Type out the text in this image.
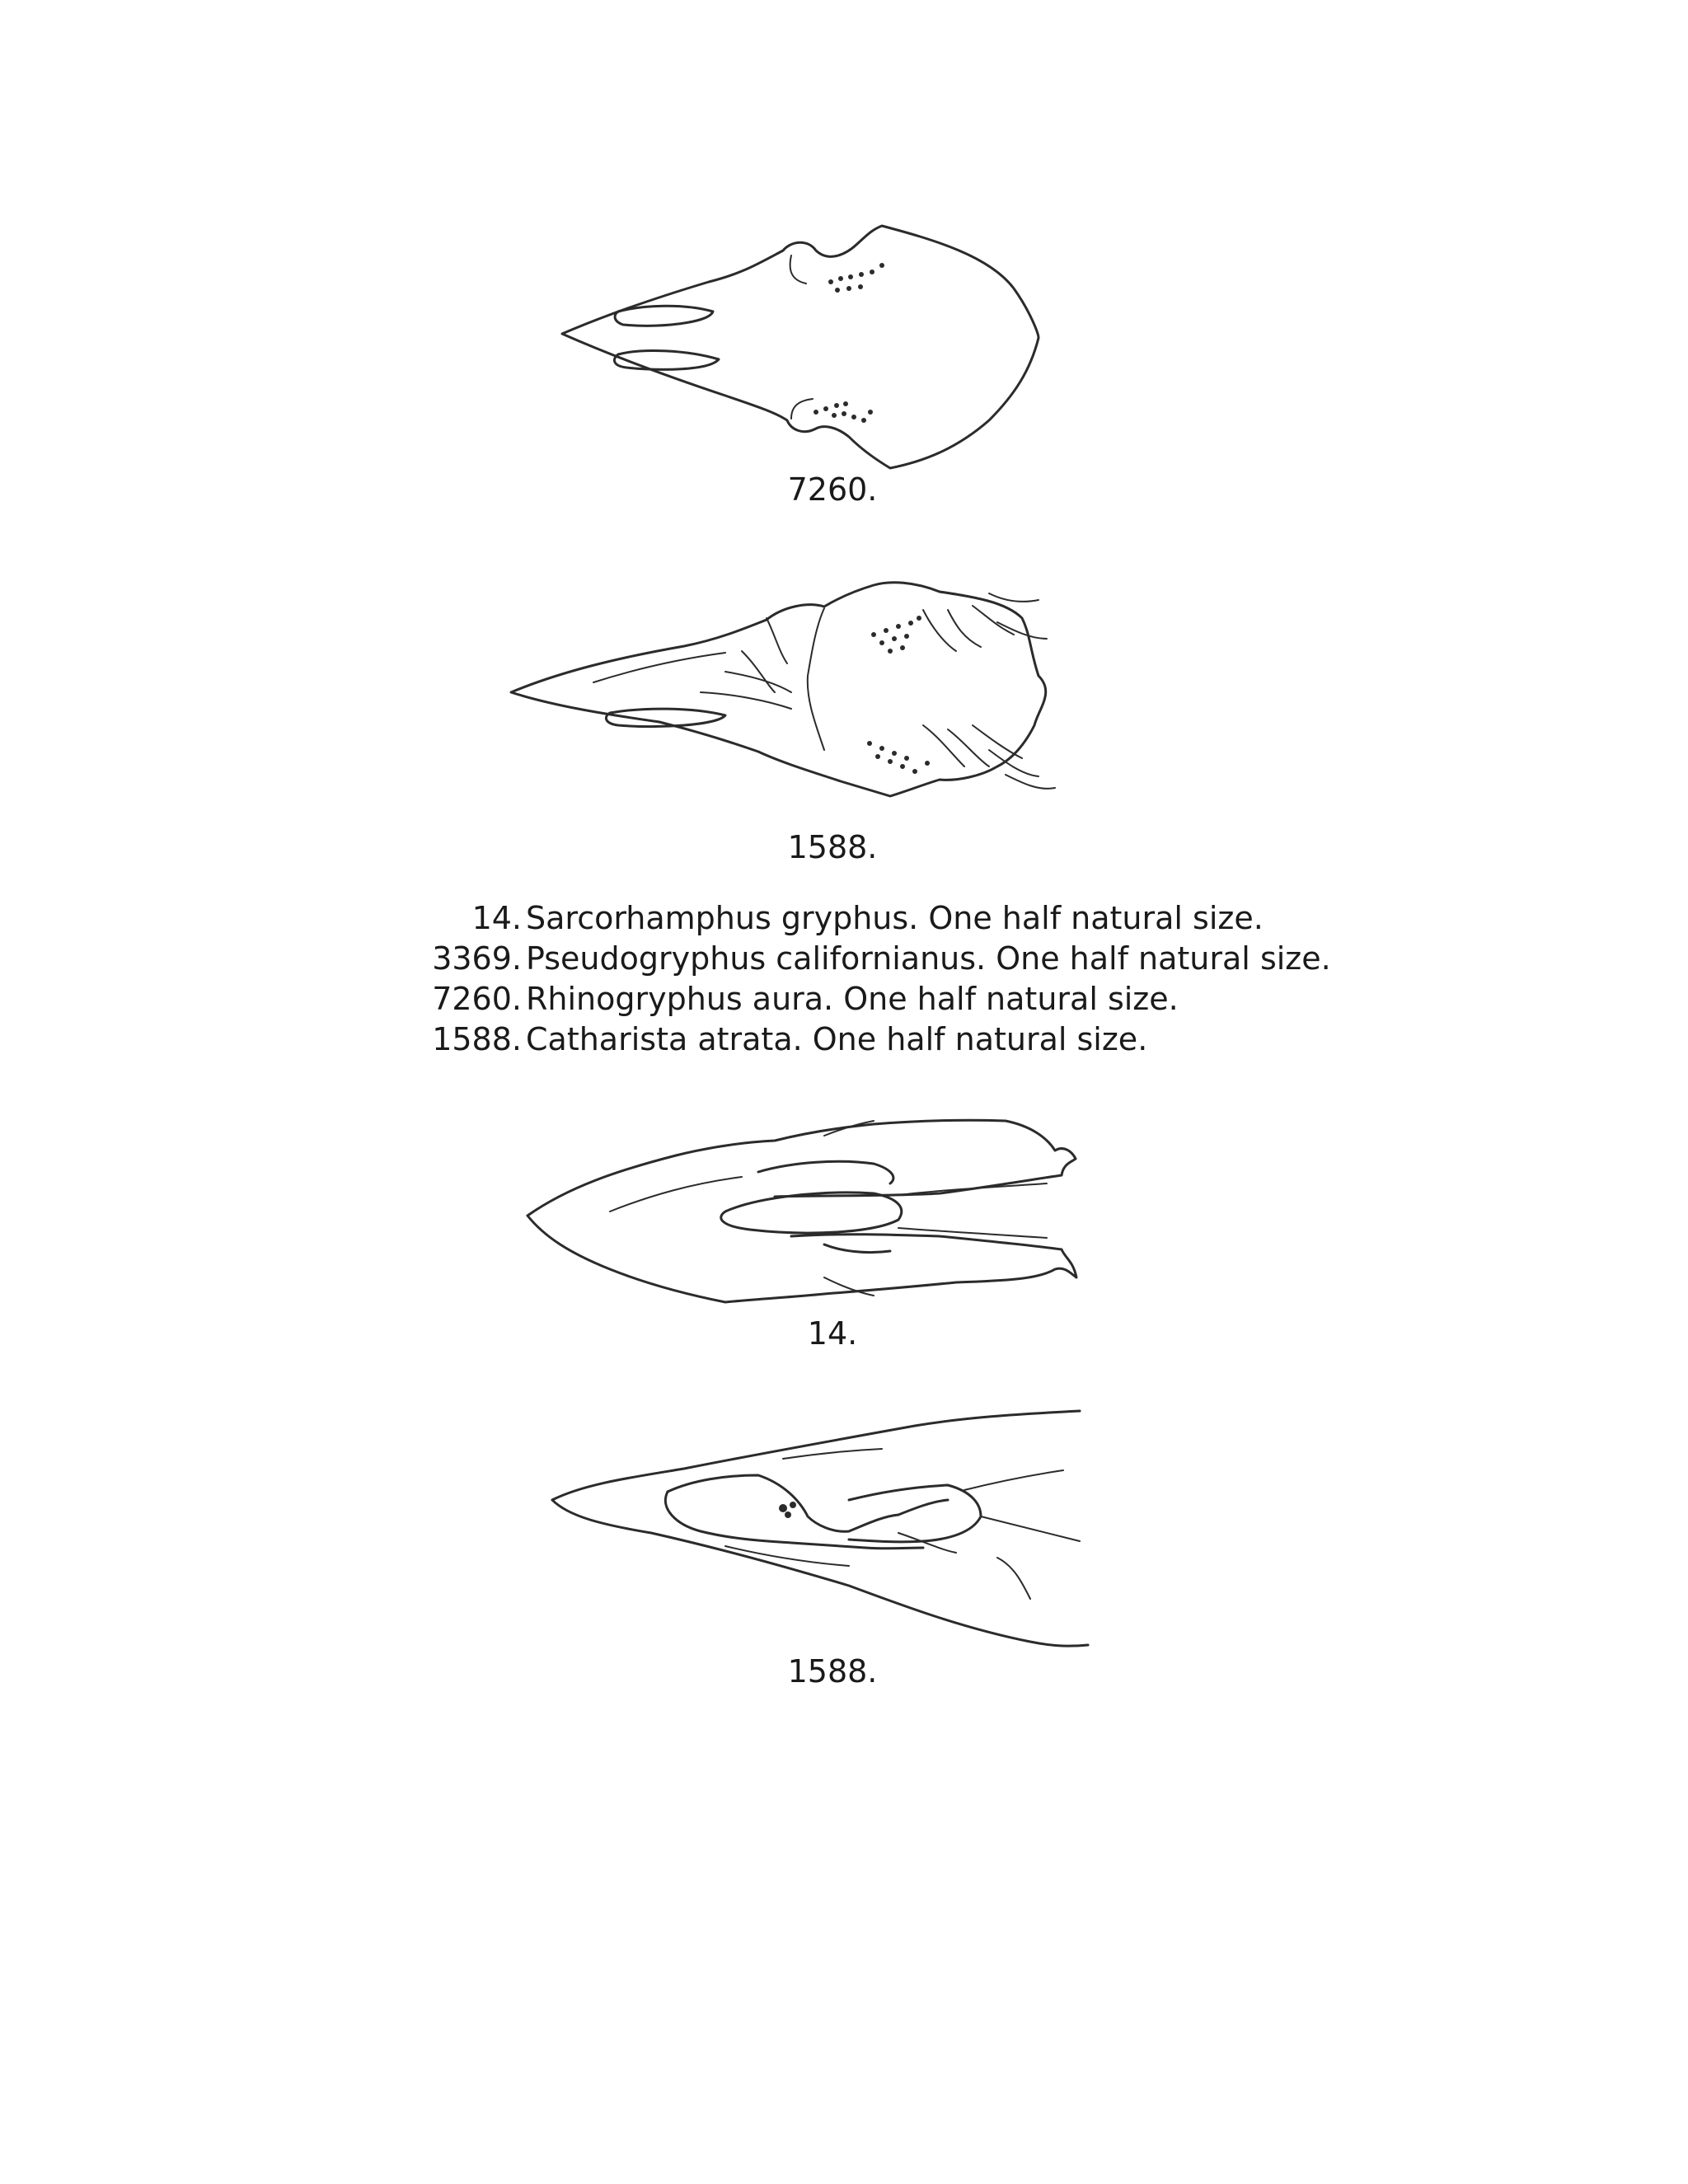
7260.
1588.
14. Sarcorhamphus gryphus. One half natural size.
3369. Pseudogryphus californianus. One half natural size.
7260. Rhinogryphus aura. One half natural size.
1588. Catharista atrata. One half natural size.
14.
1588.
